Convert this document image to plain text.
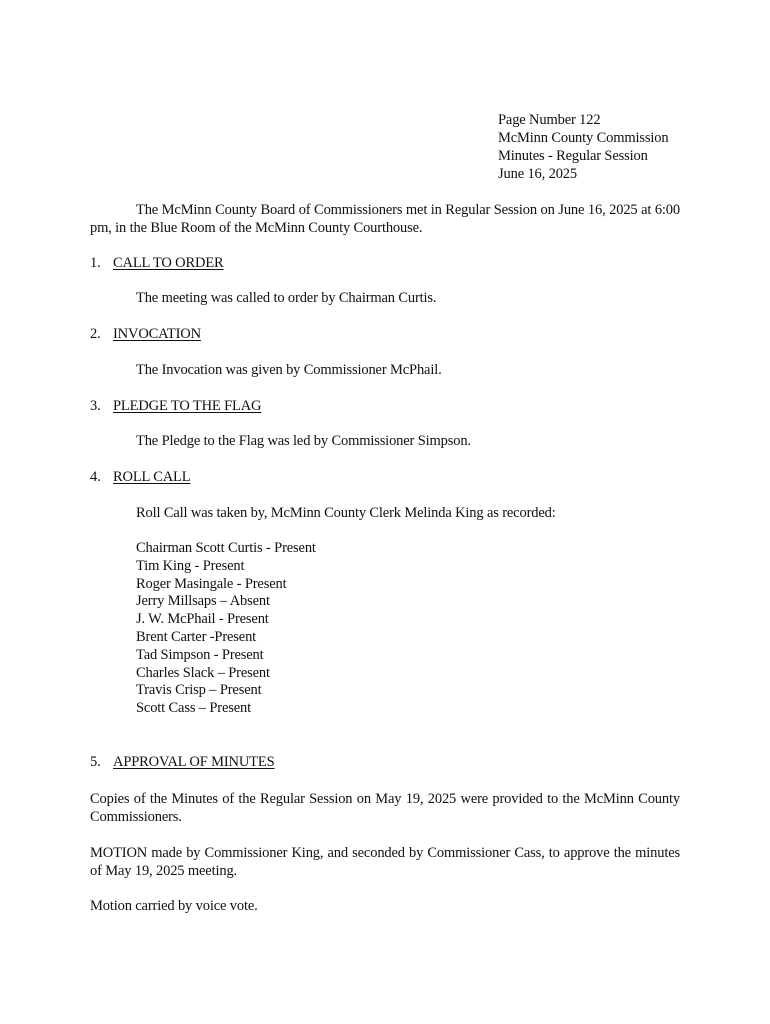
Page Number 122
McMinn County Commission
Minutes - Regular Session
June 16, 2025
The McMinn County Board of Commissioners met in Regular Session on June 16, 2025 at 6:00 pm, in the Blue Room of the McMinn County Courthouse.
1. CALL TO ORDER
The meeting was called to order by Chairman Curtis.
2. INVOCATION
The Invocation was given by Commissioner McPhail.
3. PLEDGE TO THE FLAG
The Pledge to the Flag was led by Commissioner Simpson.
4. ROLL CALL
Roll Call was taken by, McMinn County Clerk Melinda King as recorded:
Chairman Scott Curtis - Present
Tim King - Present
Roger Masingale - Present
Jerry Millsaps – Absent
J. W. McPhail - Present
Brent Carter -Present
Tad Simpson - Present
Charles Slack – Present
Travis Crisp – Present
Scott Cass – Present
5. APPROVAL OF MINUTES
Copies of the Minutes of the Regular Session on May 19, 2025 were provided to the McMinn County Commissioners.
MOTION made by Commissioner King, and seconded by Commissioner Cass, to approve the minutes of May 19, 2025 meeting.
Motion carried by voice vote.
